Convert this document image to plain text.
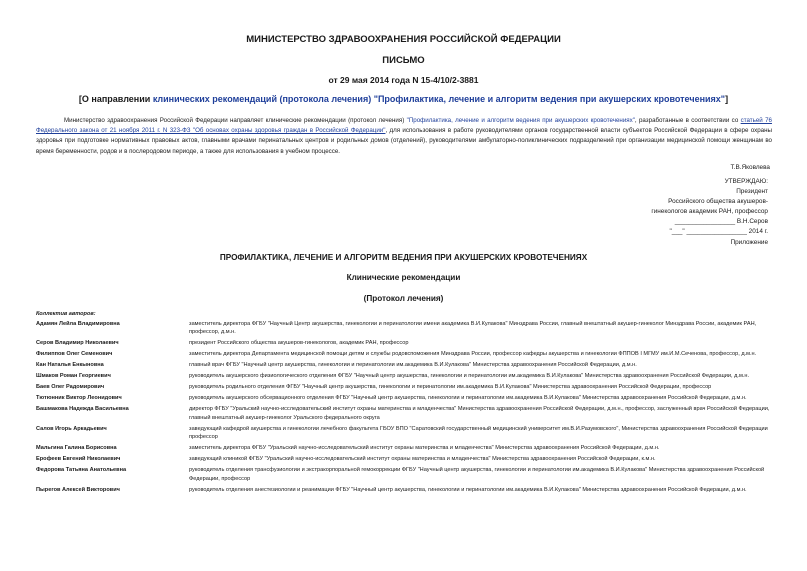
МИНИСТЕРСТВО ЗДРАВООХРАНЕНИЯ РОССИЙСКОЙ ФЕДЕРАЦИИ
ПИСЬМО
от 29 мая 2014 года N 15-4/10/2-3881
[О направлении клинических рекомендаций (протокола лечения) "Профилактика, лечение и алгоритм ведения при акушерских кровотечениях"]
Министерство здравоохранения Российской Федерации направляет клинические рекомендации (протокол лечения) "Профилактика, лечение и алгоритм ведения при акушерских кровотечениях", разработанные в соответствии со статьей 76 Федерального закона от 21 ноября 2011 г. N 323-ФЗ "Об основах охраны здоровья граждан в Российской Федерации", для использования в работе руководителями органов государственной власти субъектов Российской Федерации в сфере охраны здоровья при подготовке нормативных правовых актов, главными врачами перинатальных центров и родильных домов (отделений), руководителями амбулаторно-поликлинических подразделений при организации медицинской помощи женщинам во время беременности, родов и в послеродовом периоде, а также для использования в учебном процессе.
Т.В.Яковлева
УТВЕРЖДАЮ:
Президент
Российского общества акушеров-
гинекологов академик РАН, профессор
_________________ В.Н.Серов
"___" _________________ 2014 г.
Приложение
ПРОФИЛАКТИКА, ЛЕЧЕНИЕ И АЛГОРИТМ ВЕДЕНИЯ ПРИ АКУШЕРСКИХ КРОВОТЕЧЕНИЯХ
Клинические рекомендации
(Протокол лечения)
Коллектив авторов:
Адамян Лейла Владимировна	заместитель директора ФГБУ "Научный Центр акушерства, гинекологии и перинатологии имени академика В.И.Кулакова" Минздрава России, главный внештатный акушер-гинеколог Минздрава России, академик РАН, профессор, д.м.н.
Серов Владимир Николаевич	президент Российского общества акушеров-гинекологов, академик РАН, профессор
Филиппов Олег Семенович	заместитель директора Департамента медицинской помощи детям и службы родовспоможения Минздрава России, профессор кафедры акушерства и гинекологии ФППОВ I МГМУ им.И.М.Сеченова, профессор, д.м.н.
Кан Наталья Енкыновна	главный врач ФГБУ "Научный центр акушерства, гинекологии и перинатологии им.академика В.И.Кулакова" Министерства здравоохранения Российской Федерации, д.м.н.
Шмаков Роман Георгиевич	руководитель акушерского физиологического отделения ФГБУ "Научный центр акушерства, гинекологии и перинатологии им.академика В.И.Кулакова" Министерства здравоохранения Российской Федерации, д.м.н.
Баев Олег Радомирович	руководитель родильного отделения ФГБУ "Научный центр акушерства, гинекологии и перинатологии им.академика В.И.Кулакова" Министерства здравоохранения Российской Федерации, профессор
Тютюнник Виктор Леонидович	руководитель акушерского обсервационного отделения ФГБУ "Научный центр акушерства, гинекологии и перинатологии им.академика В.И.Кулакова" Министерства здравоохранения Российской Федерации, д.м.н.
Башмакова Надежда Васильевна	директор ФГБУ "Уральский научно-исследовательский институт охраны материнства и младенчества" Министерства здравоохранения Российской Федерации, д.м.н., профессор, заслуженный врач Российской Федерации, главный внештатный акушер-гинеколог Уральского федерального округа
Салов Игорь Аркадьевич	заведующий кафедрой акушерства и гинекологии лечебного факультета ГБОУ ВПО "Саратовский государственный медицинский университет им.В.И.Разумовского", Министерства здравоохранения Российской Федерации профессор
Мальгина Галина Борисовна	заместитель директора ФГБУ "Уральский научно-исследовательский институт охраны материнства и младенчества" Министерства здравоохранения Российской Федерации, д.м.н.
Ерофеев Евгений Николаевич	заведующий клиникой ФГБУ "Уральский научно-исследовательский институт охраны материнства и младенчества" Министерства здравоохранения Российской Федерации, к.м.н.
Федорова Татьяна Анатольевна	руководитель отделения трансфузиологии и экстракорпоральной гемокоррекции ФГБУ "Научный центр акушерства, гинекологии и перинатологии им.академика В.И.Кулакова" Министерства здравоохранения Российской Федерации, профессор
Пырегов Алексей Викторович	руководитель отделения анестезиологии и реанимации ФГБУ "Научный центр акушерства, гинекологии и перинатологии им.академика В.И.Кулакова" Министерства здравоохранения Российской Федерации, д.м.н.
